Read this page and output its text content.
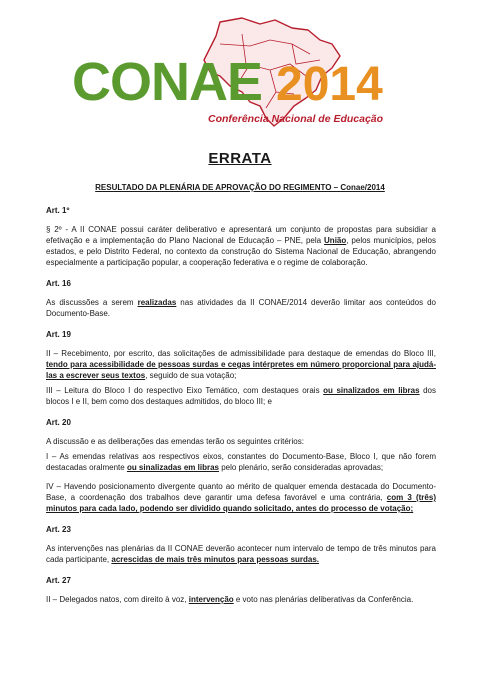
CONAE 2014
Conferência Nacional de Educação
ERRATA
RESULTADO DA PLENÁRIA DE APROVAÇÃO DO REGIMENTO – Conae/2014

Art. 1º

§ 2º - A II CONAE possui caráter deliberativo e apresentará um conjunto de propostas para subsidiar a efetivação e a implementação do Plano Nacional de Educação – PNE, pela União, pelos municípios, pelos estados, e pelo Distrito Federal, no contexto da construção do Sistema Nacional de Educação, abrangendo especialmente a participação popular, a cooperação federativa e o regime de colaboração.

Art. 16

As discussões a serem realizadas nas atividades da II CONAE/2014 deverão limitar aos conteúdos do Documento-Base.

Art. 19

II – Recebimento, por escrito, das solicitações de admissibilidade para destaque de emendas do Bloco III, tendo para acessibilidade de pessoas surdas e cegas intérpretes em número proporcional para ajudá-las a escrever seus textos, seguido de sua votação;

III – Leitura do Bloco I do respectivo Eixo Temático, com destaques orais ou sinalizados em libras dos blocos I e II, bem como dos destaques admitidos, do bloco III; e

Art. 20

A discussão e as deliberações das emendas terão os seguintes critérios:

I – As emendas relativas aos respectivos eixos, constantes do Documento-Base, Bloco I, que não forem destacadas oralmente ou sinalizadas em libras pelo plenário, serão consideradas aprovadas;

IV – Havendo posicionamento divergente quanto ao mérito de qualquer emenda destacada do Documento-Base, a coordenação dos trabalhos deve garantir uma defesa favorável e uma contrária, com 3 (três) minutos para cada lado, podendo ser dividido quando solicitado, antes do processo de votação;

Art. 23

As intervenções nas plenárias da II CONAE deverão acontecer num intervalo de tempo de três minutos para cada participante, acrescidas de mais três minutos para pessoas surdas.

Art. 27

II – Delegados natos, com direito à voz, intervenção e voto nas plenárias deliberativas da Conferência.
